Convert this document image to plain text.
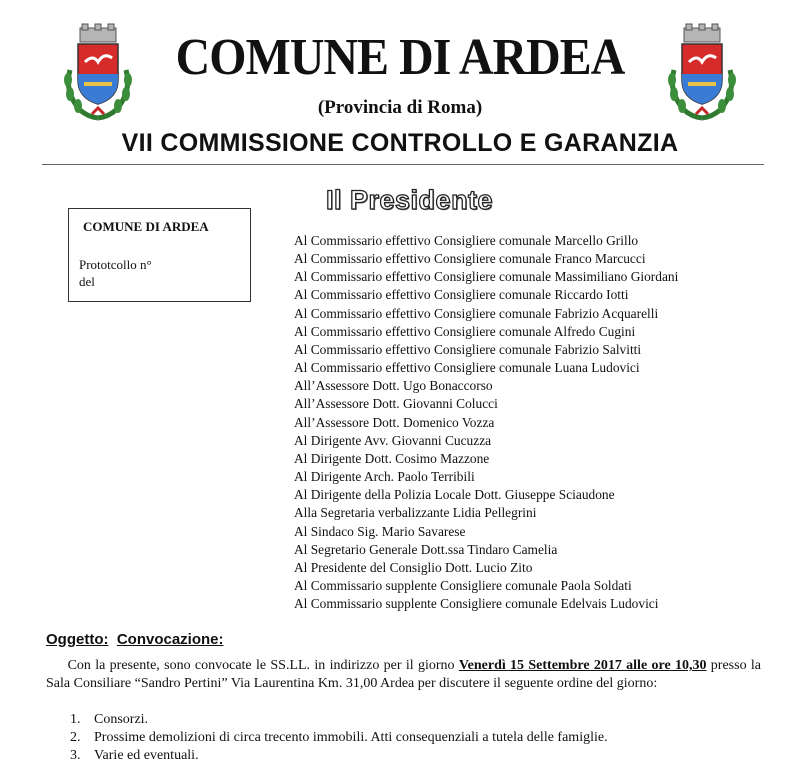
COMUNE DI ARDEA
(Provincia di Roma)
VII COMMISSIONE CONTROLLO E GARANZIA
Il Presidente
COMUNE DI ARDEA
Prototcollo n°
del
Al Commissario effettivo Consigliere comunale Marcello Grillo
Al Commissario effettivo Consigliere comunale Franco Marcucci
Al Commissario effettivo Consigliere comunale Massimiliano Giordani
Al Commissario effettivo Consigliere comunale Riccardo Iotti
Al Commissario effettivo Consigliere comunale Fabrizio Acquarelli
Al Commissario effettivo Consigliere comunale Alfredo Cugini
Al Commissario effettivo Consigliere comunale Fabrizio Salvitti
Al Commissario effettivo Consigliere comunale Luana Ludovici
All’Assessore Dott. Ugo Bonaccorso
All’Assessore Dott. Giovanni Colucci
All’Assessore Dott. Domenico Vozza
Al Dirigente Avv. Giovanni Cucuzza
Al Dirigente Dott. Cosimo Mazzone
Al Dirigente Arch. Paolo Terribili
Al Dirigente della Polizia Locale Dott. Giuseppe Sciaudone
Alla Segretaria verbalizzante Lidia Pellegrini
Al Sindaco Sig. Mario Savarese
Al Segretario Generale Dott.ssa Tindaro Camelia
Al Presidente del Consiglio Dott. Lucio Zito
Al Commissario supplente Consigliere comunale Paola Soldati
Al Commissario supplente Consigliere comunale Edelvais Ludovici
Oggetto: Convocazione:
Con la presente, sono convocate le SS.LL. in indirizzo per il giorno Venerdì 15 Settembre 2017 alle ore 10,30 presso la Sala Consiliare “Sandro Pertini” Via Laurentina Km. 31,00 Ardea per discutere il seguente ordine del giorno:
1. Consorzi.
2. Prossime demolizioni di circa trecento immobili. Atti consequenziali a tutela delle famiglie.
3. Varie ed eventuali.
